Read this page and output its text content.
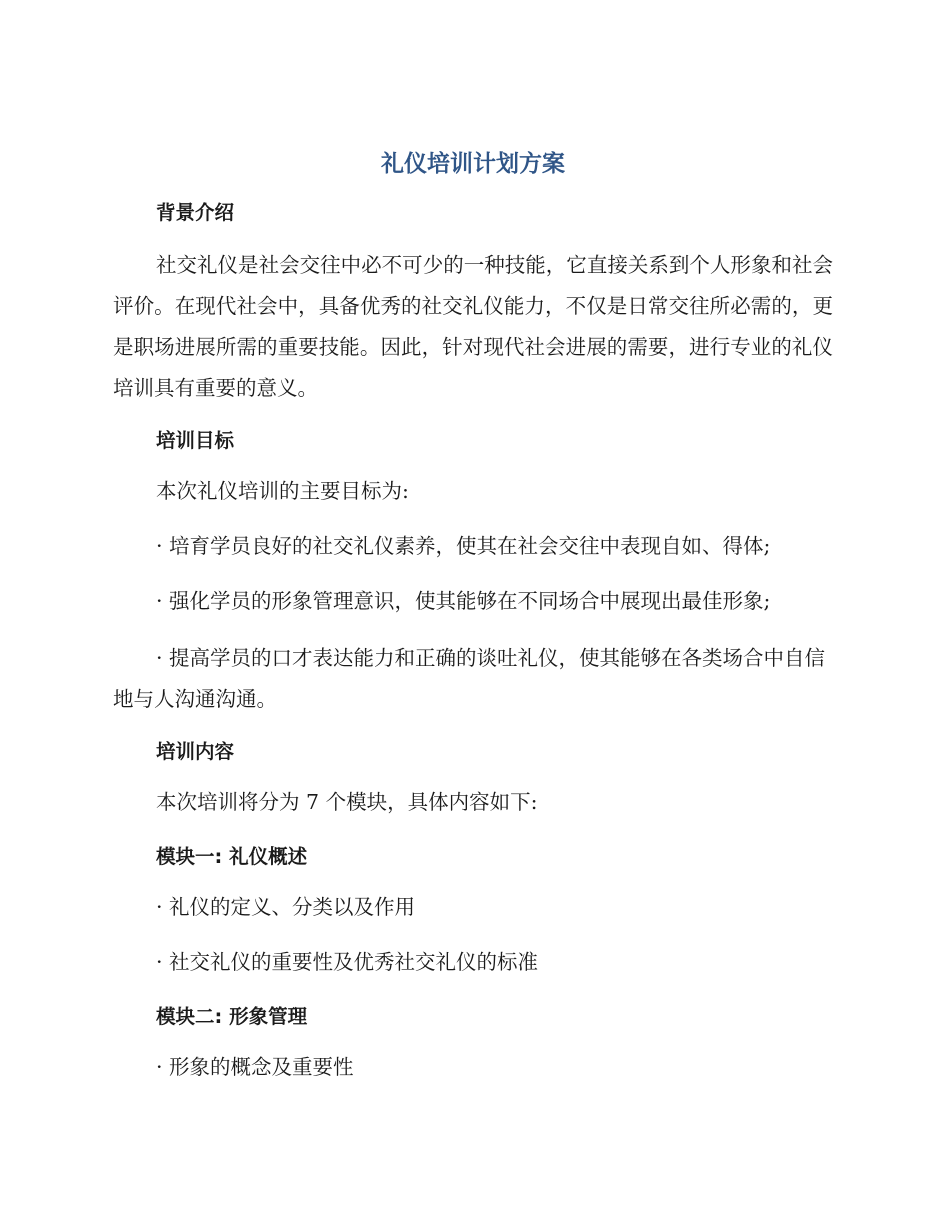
礼仪培训计划方案
背景介绍
社交礼仪是社会交往中必不可少的一种技能，它直接关系到个人形象和社会评价。在现代社会中，具备优秀的社交礼仪能力，不仅是日常交往所必需的，更是职场进展所需的重要技能。因此，针对现代社会进展的需要，进行专业的礼仪培训具有重要的意义。
培训目标
本次礼仪培训的主要目标为:
· 培育学员良好的社交礼仪素养，使其在社会交往中表现自如、得体;
· 强化学员的形象管理意识，使其能够在不同场合中展现出最佳形象;
· 提高学员的口才表达能力和正确的谈吐礼仪，使其能够在各类场合中自信地与人沟通沟通。
培训内容
本次培训将分为 7 个模块，具体内容如下:
模块一: 礼仪概述
· 礼仪的定义、分类以及作用
· 社交礼仪的重要性及优秀社交礼仪的标准
模块二: 形象管理
· 形象的概念及重要性
